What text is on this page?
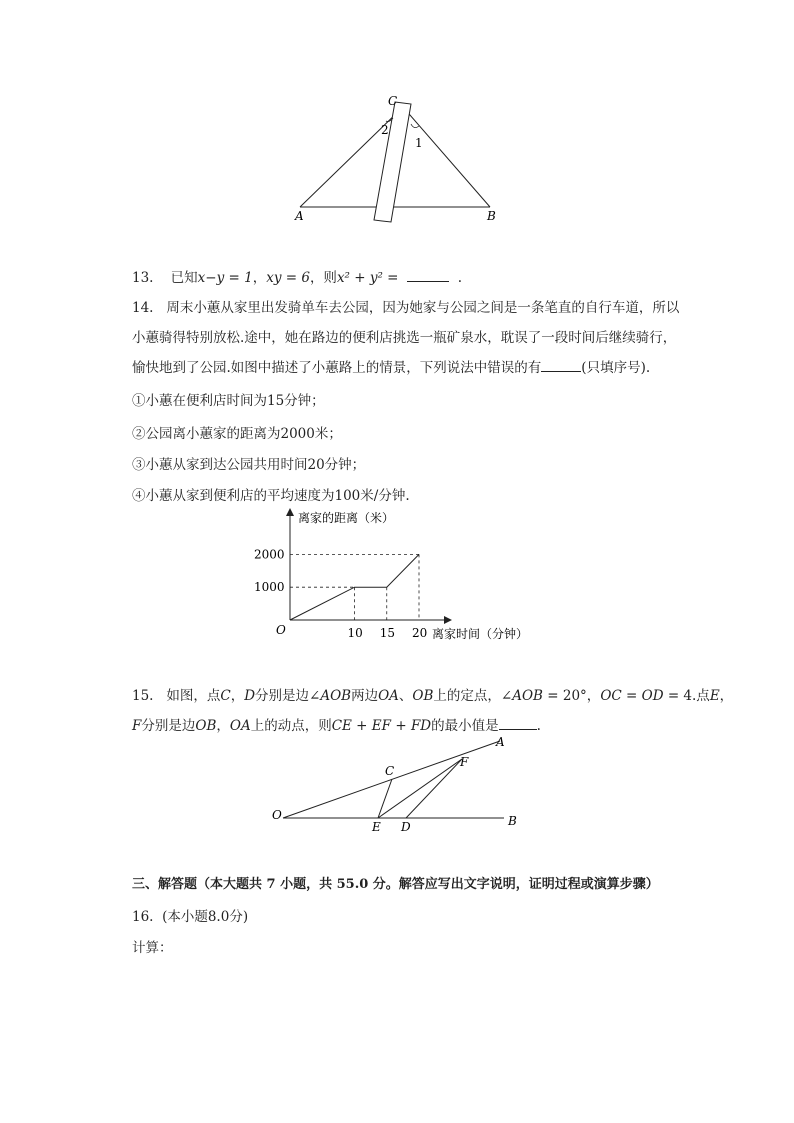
C
2
1
A	B
13. 已知x−y = 1，xy = 6，则x² + y² =	.
14. 周末小蕙从家里出发骑单车去公园，因为她家与公园之间是一条笔直的自行车道，所以
小蕙骑得特别放松.途中，她在路边的便利店挑选一瓶矿泉水，耽误了一段时间后继续骑行，
愉快地到了公园.如图中描述了小蕙路上的情景，下列说法中错误的有	(只填序号).
①小蕙在便利店时间为15分钟；
②公园离小蕙家的距离为2000米；
③小蕙从家到达公园共用时间20分钟；
④小蕙从家到便利店的平均速度为100米/分钟.
离家的距离（米）
离家时间（分钟）
O	10 15 20
1000
2000
15. 如图，点C，D分别是边∠AOB两边OA、OB上的定点，∠AOB = 20°，OC = OD = 4.点E，
F分别是边OB，OA上的动点，则CE + EF + FD的最小值是	.
O
A
B
C
F
E D
三、解答题（本大题共 7 小题，共 55.0 分。解答应写出文字说明，证明过程或演算步骤）
16. (本小题8.0分)
计算：
